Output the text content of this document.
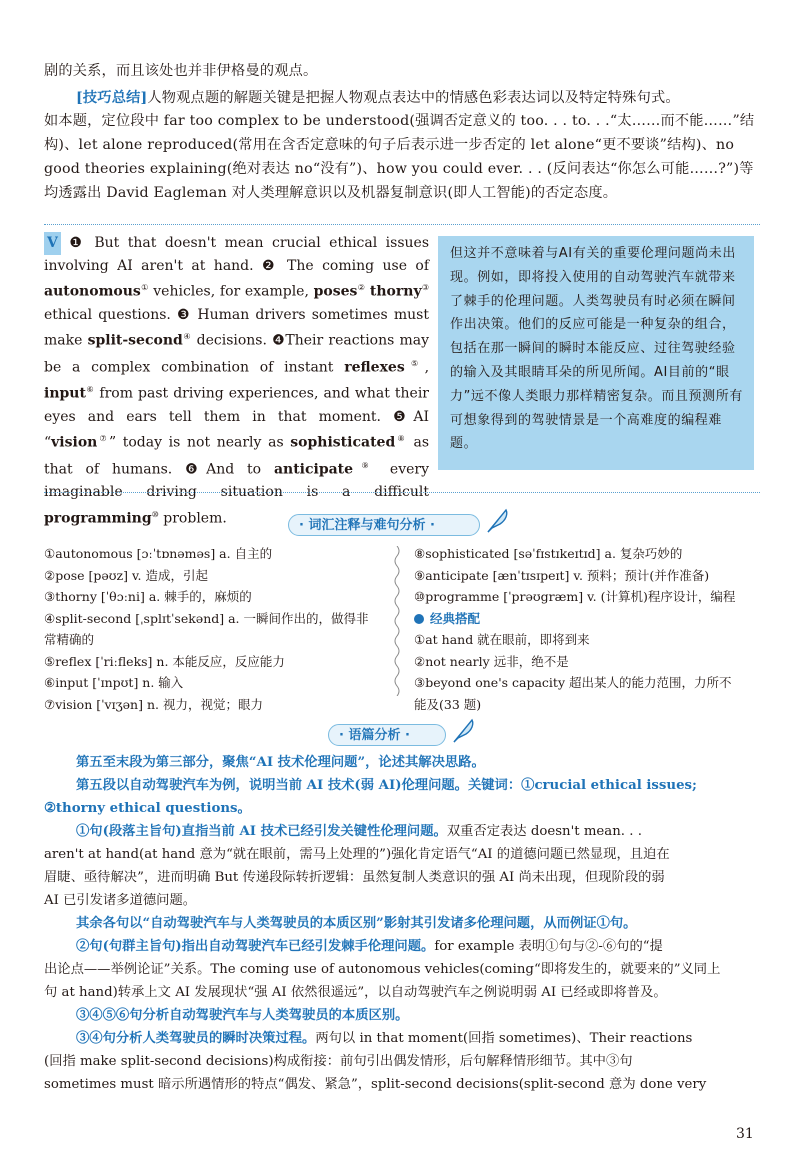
剧的关系，而且该处也并非伊格曼的观点。
[技巧总结]人物观点题的解题关键是把握人物观点表达中的情感色彩表达词以及特定特殊句式。
如本题，定位段中 far too complex to be understood(强调否定意义的 too. . . to. . .“太……而不能……”结
构)、let alone reproduced(常用在含否定意味的句子后表示进一步否定的 let alone“更不要谈”结构)、no
good theories explaining(绝对表达 no“没有”)、how you could ever. . . (反问表达“你怎么可能……?”)等
均透露出 David Eagleman 对人类理解意识以及机器复制意识(即人工智能)的否定态度。
V ❶ But that doesn't mean crucial ethical issues involving AI aren't at hand. ❷ The coming use of autonomous① vehicles, for example, poses② thorny③ ethical questions. ❸ Human drivers sometimes must make split-second④ decisions. ❹Their reactions may be a complex combination of instant reflexes⑤, input⑥ from past driving experiences, and what their eyes and ears tell them in that moment. ❺AI “vision⑦” today is not nearly as sophisticated⑧ as that of humans. ❻And to anticipate⑨ every imaginable driving situation is a difficult programming⑩ problem.
但这并不意味着与AI有关的重要伦理问题尚未出现。例如，即将投入使用的自动驾驶汽车就带来了棘手的伦理问题。人类驾驶员有时必须在瞬间作出决策。他们的反应可能是一种复杂的组合，包括在那一瞬间的瞬时本能反应、过往驾驶经验的输入及其眼睛耳朵的所见所闻。AI目前的“眼力”远不像人类眼力那样精密复杂。而且预测所有可想象得到的驾驶情景是一个高难度的编程难题。
· 词汇注释与难句分析 ·
①autonomous [ɔːˈtɒnəməs] a. 自主的
②pose [pəʊz] v. 造成，引起
③thorny [ˈθɔːni] a. 棘手的，麻烦的
④split-second [ˌsplɪtˈsekənd] a. 一瞬间作出的，做得非
常精确的
⑤reflex [ˈriːfleks] n. 本能反应，反应能力
⑥input [ˈɪnpʊt] n. 输入
⑦vision [ˈvɪʒən] n. 视力，视觉；眼力
⑧sophisticated [səˈfɪstɪkeɪtɪd] a. 复杂巧妙的
⑨anticipate [ænˈtɪsɪpeɪt] v. 预料；预计(并作准备)
⑩programme [ˈprəʊgræm] v. (计算机)程序设计，编程
经典搭配
①at hand 就在眼前，即将到来
②not nearly 远非，绝不是
③beyond one's capacity 超出某人的能力范围，力所不
能及(33 题)
· 语篇分析 ·
第五至末段为第三部分，聚焦“AI 技术伦理问题”，论述其解决思路。
第五段以自动驾驶汽车为例，说明当前 AI 技术(弱 AI)伦理问题。关键词：①crucial ethical issues;
②thorny ethical questions。
①句(段落主旨句)直指当前 AI 技术已经引发关键性伦理问题。双重否定表达 doesn't mean. . .
aren't at hand(at hand 意为“就在眼前，需马上处理的”)强化肯定语气“AI 的道德问题已然显现，且迫在
眉睫、亟待解决”，进而明确 But 传递段际转折逻辑：虽然复制人类意识的强 AI 尚未出现，但现阶段的弱
AI 已引发诸多道德问题。
其余各句以“自动驾驶汽车与人类驾驶员的本质区别”影射其引发诸多伦理问题，从而例证①句。
②句(句群主旨句)指出自动驾驶汽车已经引发棘手伦理问题。for example 表明①句与②-⑥句的“提
出论点——举例论证”关系。The coming use of autonomous vehicles(coming“即将发生的，就要来的”义同上
句 at hand)转承上文 AI 发展现状“强 AI 依然很遥远”，以自动驾驶汽车之例说明弱 AI 已经或即将普及。
③④⑤⑥句分析自动驾驶汽车与人类驾驶员的本质区别。
③④句分析人类驾驶员的瞬时决策过程。两句以 in that moment(回指 sometimes)、Their reactions
(回指 make split-second decisions)构成衔接：前句引出偶发情形，后句解释情形细节。其中③句
sometimes must 暗示所遇情形的特点“偶发、紧急”，split-second decisions(split-second 意为 done very
31
